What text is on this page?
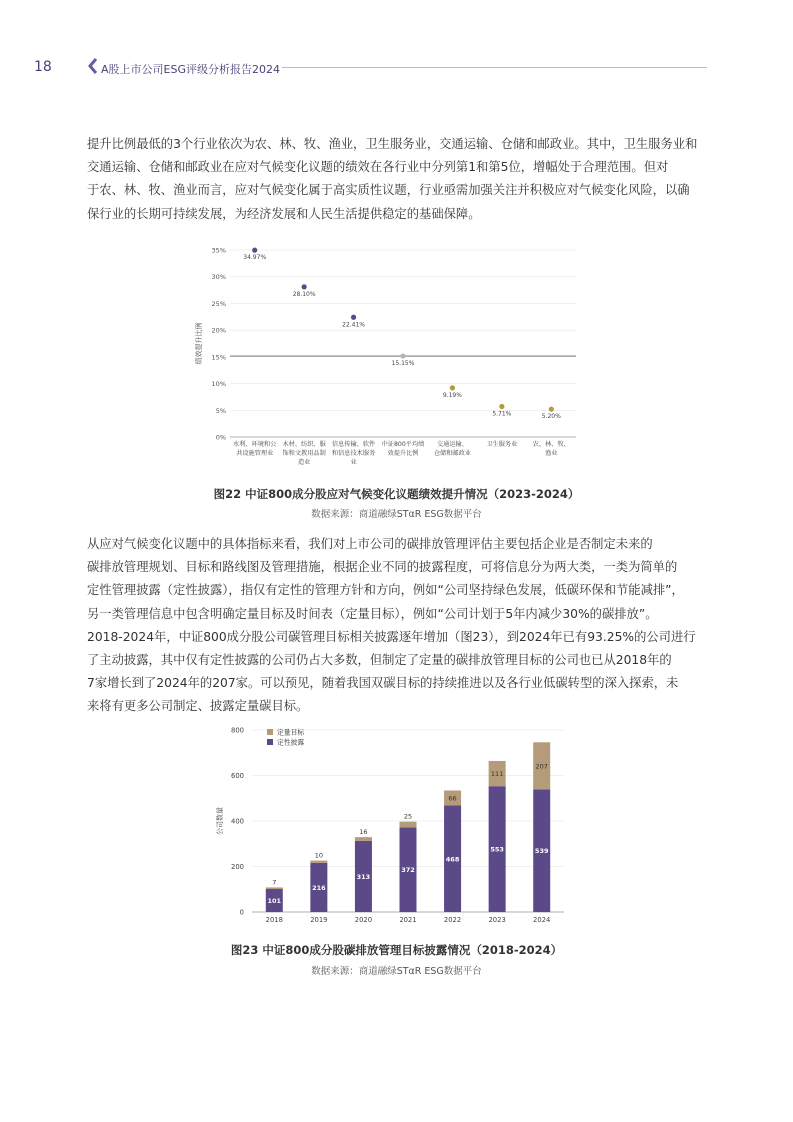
18	A股上市公司ESG评级分析报告2024
提升比例最低的3个行业依次为农、林、牧、渔业，卫生服务业，交通运输、仓储和邮政业。其中，卫生服务业和
交通运输、仓储和邮政业在应对气候变化议题的绩效在各行业中分列第1和第5位，增幅处于合理范围。但对
于农、林、牧、渔业而言，应对气候变化属于高实质性议题，行业亟需加强关注并积极应对气候变化风险，以确
保行业的长期可持续发展，为经济发展和人民生活提供稳定的基础保障。
0%
5%
10%
15%
20%
25%
30%
35%
绩效提升比例
34.97%
水利、环境和公
共设施管理业
28.10%
木材、纺织、服
饰和文教用品制
造业
22.41%
信息传输、软件
和信息技术服务
业
15.15%
中证800平均绩
效提升比例
9.19%
交通运输、
仓储和邮政业
5.71%
卫生服务业
5.20%
农、林、牧、
渔业
图22 中证800成分股应对气候变化议题绩效提升情况（2023-2024）
数据来源：商道融绿STαR ESG数据平台
从应对气候变化议题中的具体指标来看，我们对上市公司的碳排放管理评估主要包括企业是否制定未来的
碳排放管理规划、目标和路线图及管理措施，根据企业不同的披露程度，可将信息分为两大类，一类为简单的
定性管理披露（定性披露），指仅有定性的管理方针和方向，例如“公司坚持绿色发展，低碳环保和节能减排”，
另一类管理信息中包含明确定量目标及时间表（定量目标），例如“公司计划于5年内减少30%的碳排放”。
2018-2024年，中证800成分股公司碳管理目标相关披露逐年增加（图23），到2024年已有93.25%的公司进行
了主动披露，其中仅有定性披露的公司仍占大多数，但制定了定量的碳排放管理目标的公司也已从2018年的
7家增长到了2024年的207家。可以预见，随着我国双碳目标的持续推进以及各行业低碳转型的深入探索，未
来将有更多公司制定、披露定量碳目标。
0
200
400
600
800
公司数量
101
7
2018
216
10
2019
313
16
2020
372
25
2021
468
66
2022
553
111
2023
539
207
2024
定量目标
定性披露
图23 中证800成分股碳排放管理目标披露情况（2018-2024）
数据来源：商道融绿STαR ESG数据平台
